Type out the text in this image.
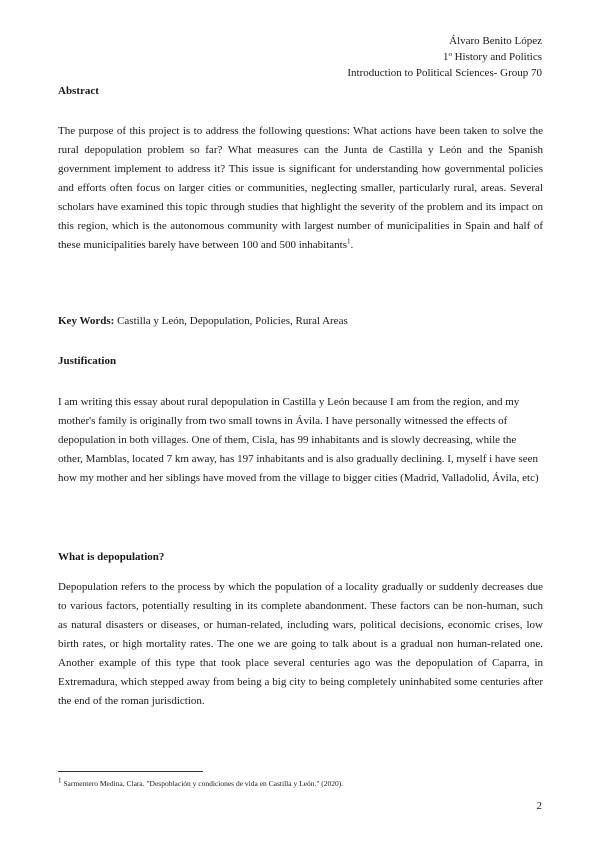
Álvaro Benito López
1º History and Politics
Introduction to Political Sciences- Group 70
Abstract
The purpose of this project is to address the following questions: What actions have been taken to solve the rural depopulation problem so far? What measures can the Junta de Castilla y León and the Spanish government implement to address it? This issue is significant for understanding how governmental policies and efforts often focus on larger cities or communities, neglecting smaller, particularly rural, areas. Several scholars have examined this topic through studies that highlight the severity of the problem and its impact on this region, which is the autonomous community with largest number of municipalities in Spain and half of these municipalities barely have between 100 and 500 inhabitants$^1$.
Key Words: Castilla y León, Depopulation, Policies, Rural Areas
Justification
I am writing this essay about rural depopulation in Castilla y León because I am from the region, and my mother's family is originally from two small towns in Ávila. I have personally witnessed the effects of depopulation in both villages. One of them, Cisla, has 99 inhabitants and is slowly decreasing, while the other, Mamblas, located 7 km away, has 197 inhabitants and is also gradually declining. I, myself i have seen how my mother and her siblings have moved from the village to bigger cities (Madrid, Valladolid, Ávila, etc)
What is depopulation?
Depopulation refers to the process by which the population of a locality gradually or suddenly decreases due to various factors, potentially resulting in its complete abandonment. These factors can be non-human, such as natural disasters or diseases, or human-related, including wars, political decisions, economic crises, low birth rates, or high mortality rates. The one we are going to talk about is a gradual non human-related one. Another example of this type that took place several centuries ago was the depopulation of Caparra, in Extremadura, which stepped away from being a big city to being completely uninhabited some centuries after the end of the roman jurisdiction.
$^1$ Sarmentero Medina, Clara. "Despoblación y condiciones de vida en Castilla y León." (2020).
2
